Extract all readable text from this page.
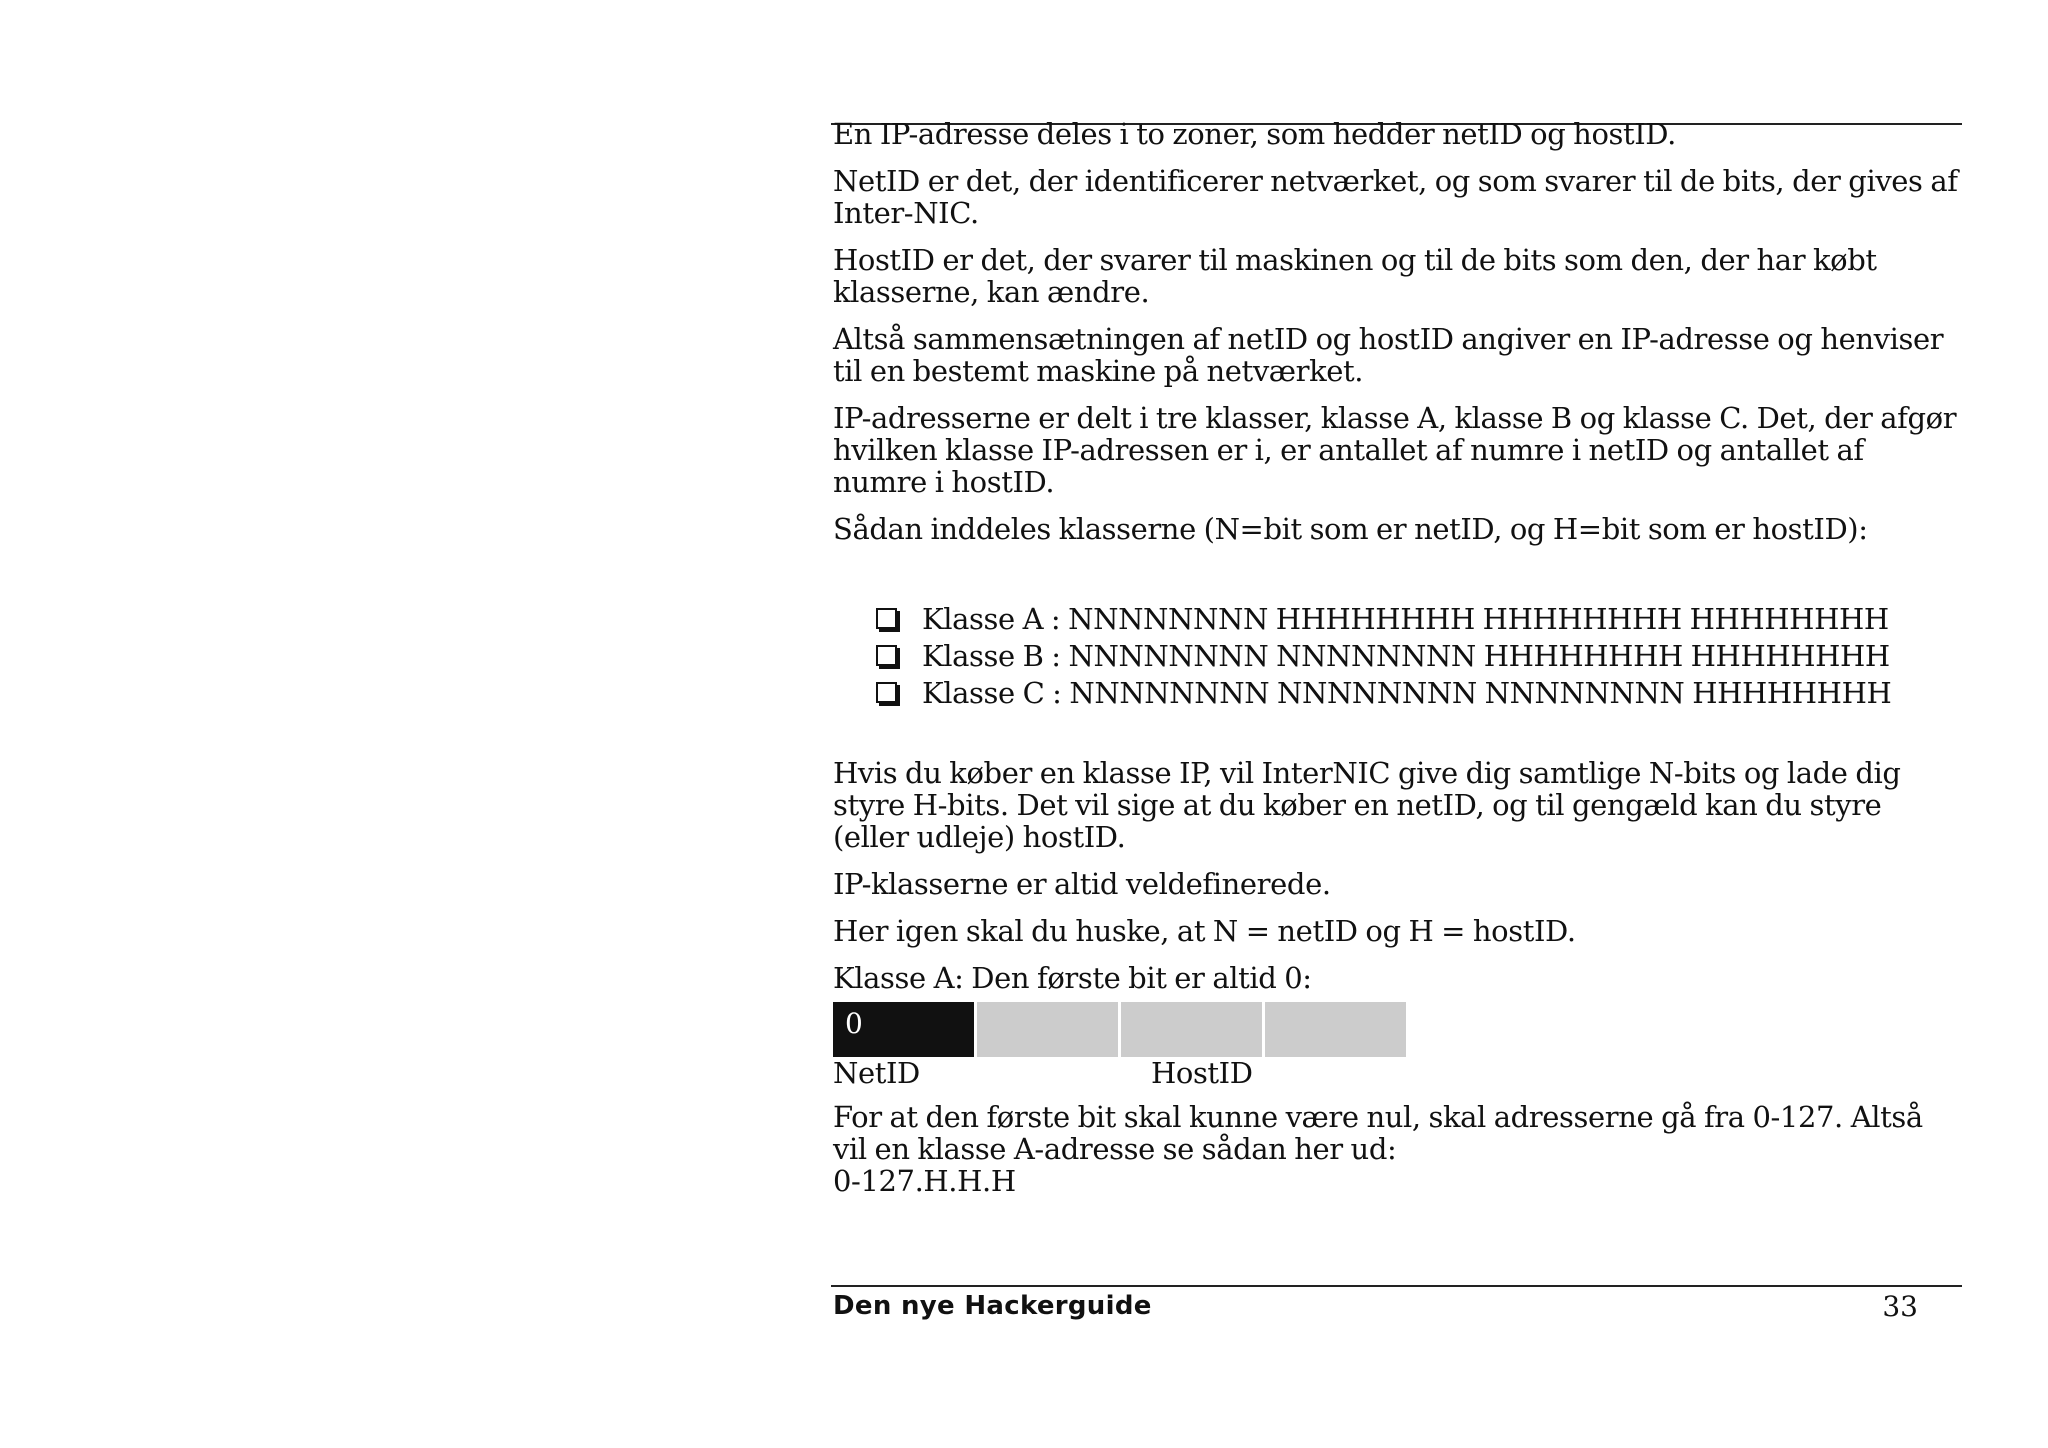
En IP-adresse deles i to zoner, som hedder netID og hostID.

NetID er det, der identificerer netværket, og som svarer til de bits, der gives af Inter-NIC.

HostID er det, der svarer til maskinen og til de bits som den, der har købt klasserne, kan ændre.

Altså sammensætningen af netID og hostID angiver en IP-adresse og henviser til en bestemt maskine på netværket.

IP-adresserne er delt i tre klasser, klasse A, klasse B og klasse C. Det, der afgør hvilken klasse IP-adressen er i, er antallet af numre i netID og antallet af numre i hostID.

Sådan inddeles klasserne (N=bit som er netID, og H=bit som er hostID):

Klasse A : NNNNNNNN HHHHHHHH HHHHHHHH HHHHHHHH
Klasse B : NNNNNNNN NNNNNNNN HHHHHHHH HHHHHHHH
Klasse C : NNNNNNNN NNNNNNNN NNNNNNNN HHHHHHHH

Hvis du køber en klasse IP, vil InterNIC give dig samtlige N-bits og lade dig styre H-bits. Det vil sige at du køber en netID, og til gengæld kan du styre (eller udleje) hostID.

IP-klasserne er altid veldefinerede.

Her igen skal du huske, at N = netID og H = hostID.

Klasse A: Den første bit er altid 0:

0
NetID	HostID

For at den første bit skal kunne være nul, skal adresserne gå fra 0-127. Altså vil en klasse A-adresse se sådan her ud:

0-127.H.H.H

Den nye Hackerguide	33
